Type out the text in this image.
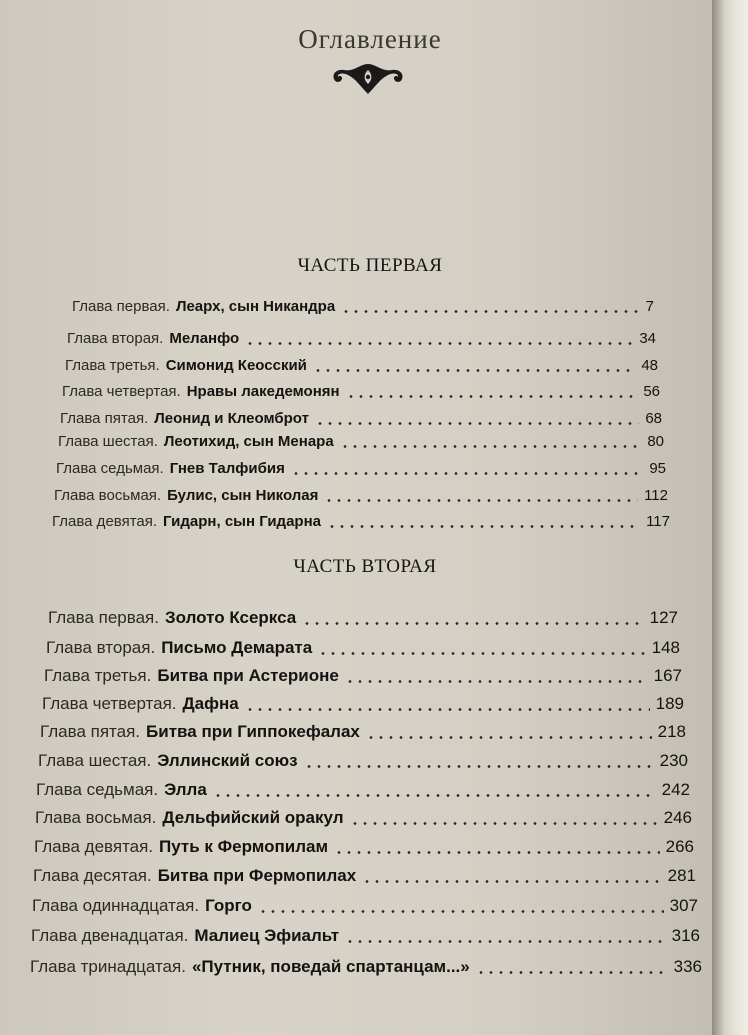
Оглавление
ЧАСТЬ ПЕРВАЯ
Глава первая. Леарх, сын Никандра	7
Глава вторая. Меланфо	34
Глава третья. Симонид Кеосский	48
Глава четвертая. Нравы лакедемонян	56
Глава пятая. Леонид и Клеомброт	68
Глава шестая. Леотихид, сын Менара	80
Глава седьмая. Гнев Талфибия	95
Глава восьмая. Булис, сын Николая	112
Глава девятая. Гидарн, сын Гидарна	117
ЧАСТЬ ВТОРАЯ
Глава первая. Золото Ксеркса	127
Глава вторая. Письмо Демарата	148
Глава третья. Битва при Астерионе	167
Глава четвертая. Дафна	189
Глава пятая. Битва при Гиппокефалах	218
Глава шестая. Эллинский союз	230
Глава седьмая. Элла	242
Глава восьмая. Дельфийский оракул	246
Глава девятая. Путь к Фермопилам	266
Глава десятая. Битва при Фермопилах	281
Глава одиннадцатая. Горго	307
Глава двенадцатая. Малиец Эфиальт	316
Глава тринадцатая. «Путник, поведай спартанцам...»	336
